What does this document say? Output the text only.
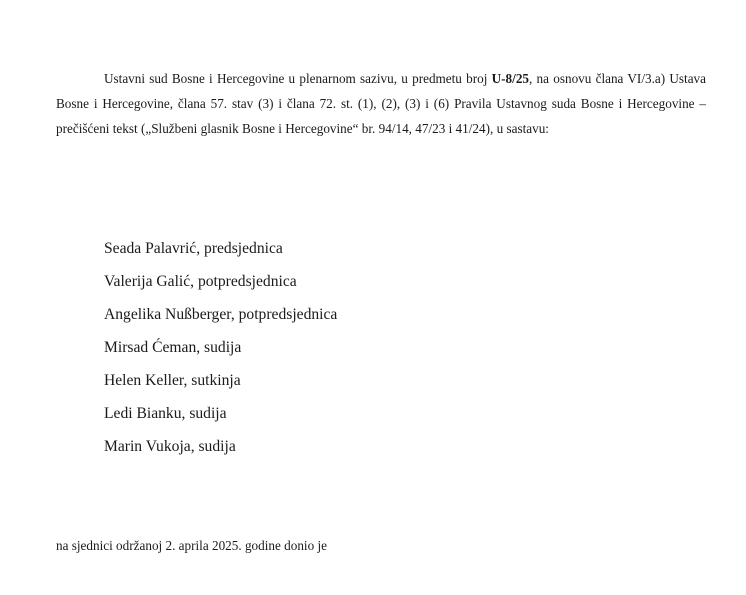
Ustavni sud Bosne i Hercegovine u plenarnom sazivu, u predmetu broj U-8/25, na osnovu člana VI/3.a) Ustava Bosne i Hercegovine, člana 57. stav (3) i člana 72. st. (1), (2), (3) i (6) Pravila Ustavnog suda Bosne i Hercegovine – prečišćeni tekst („Službeni glasnik Bosne i Hercegovine“ br. 94/14, 47/23 i 41/24), u sastavu:

Seada Palavrić, predsjednica
Valerija Galić, potpredsjednica
Angelika Nußberger, potpredsjednica
Mirsad Ćeman, sudija
Helen Keller, sutkinja
Ledi Bianku, sudija
Marin Vukoja, sudija

na sjednici održanoj 2. aprila 2025. godine donio je
